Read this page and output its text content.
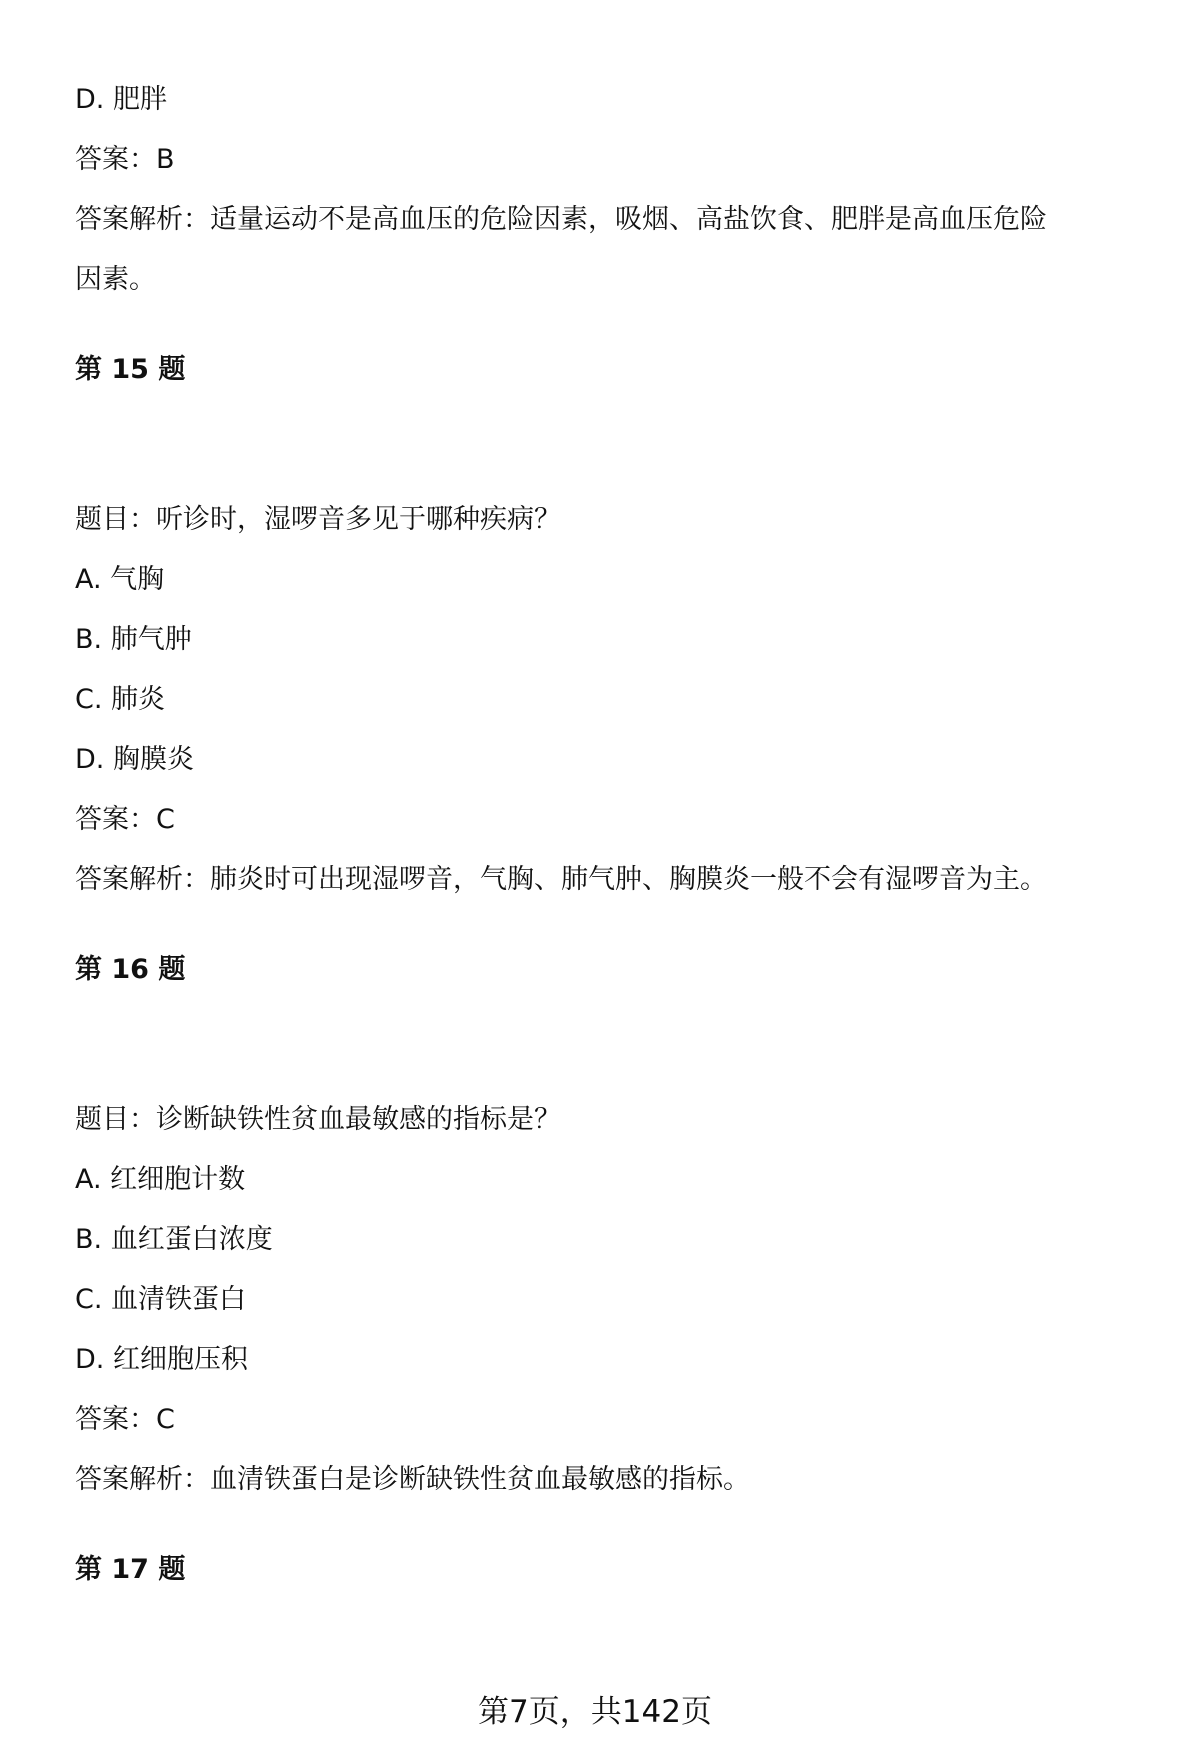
D. 肥胖
答案：B
答案解析：适量运动不是高血压的危险因素，吸烟、高盐饮食、肥胖是高血压危险
因素。
第 15 题
题目：听诊时，湿啰音多见于哪种疾病？
A. 气胸
B. 肺气肿
C. 肺炎
D. 胸膜炎
答案：C
答案解析：肺炎时可出现湿啰音，气胸、肺气肿、胸膜炎一般不会有湿啰音为主。
第 16 题
题目：诊断缺铁性贫血最敏感的指标是？
A. 红细胞计数
B. 血红蛋白浓度
C. 血清铁蛋白
D. 红细胞压积
答案：C
答案解析：血清铁蛋白是诊断缺铁性贫血最敏感的指标。
第 17 题
第7页，共142页
